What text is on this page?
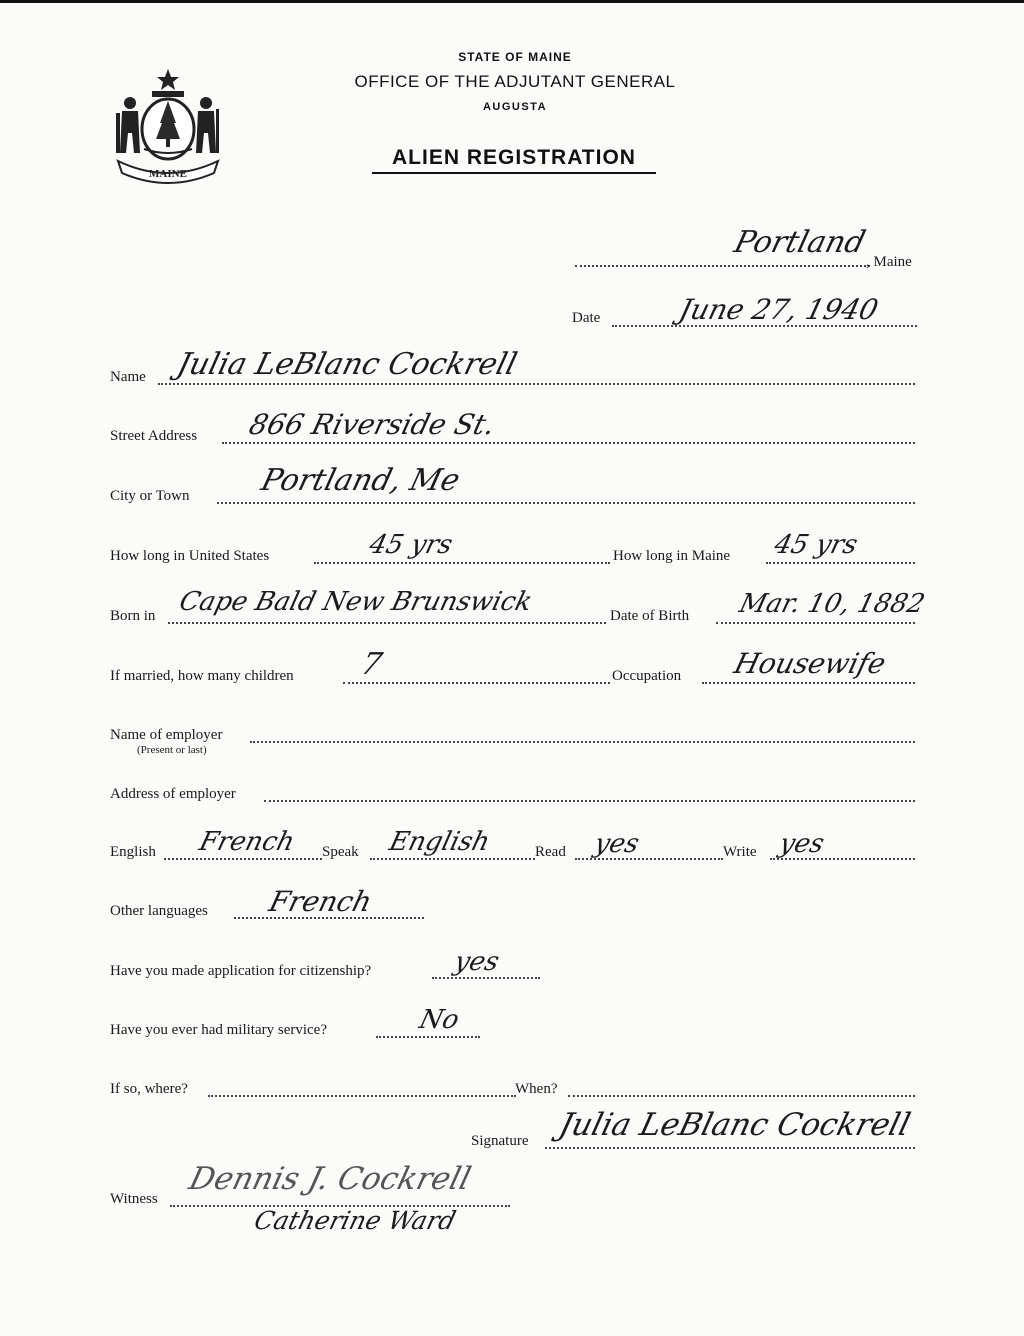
MAINE
STATE OF MAINE
OFFICE OF THE ADJUTANT GENERAL
AUGUSTA
ALIEN REGISTRATION
Portland
, Maine
Date	June 27, 1940
Name Julia LeBlanc Cockrell
Street Address 866 Riverside St.
City or Town Portland, Me
How long in United States	45 yrs	How long in Maine 45 yrs
Born in Cape Bald New Brunswick	Date of Birth Mar. 10, 1882
If married, how many children 7	Occupation Housewife
Name of employer
(Present or last)
Address of employer
English French Speak English	Read yes	Write yes
Other languages French
Have you made application for citizenship?	yes
Have you ever had military service?	No
If so, where?	When?
Signature Julia LeBlanc Cockrell
Witness
Dennis J. Cockrell
Catherine Ward
